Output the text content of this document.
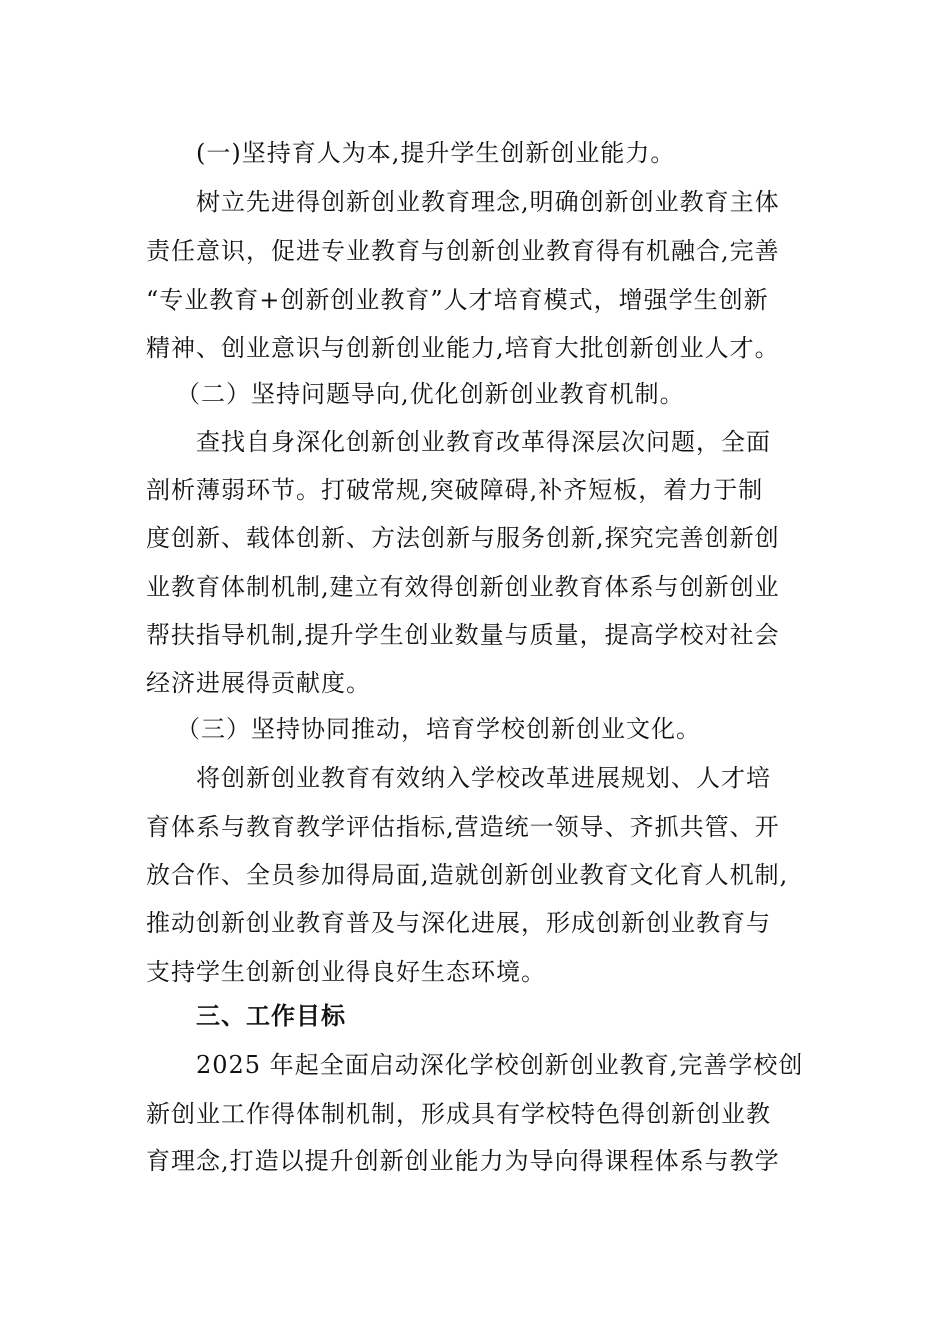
(一)坚持育人为本,提升学生创新创业能力。
树立先进得创新创业教育理念,明确创新创业教育主体
责任意识，促进专业教育与创新创业教育得有机融合,完善
“专业教育+创新创业教育”人才培育模式，增强学生创新
精神、创业意识与创新创业能力,培育大批创新创业人才。
（二）坚持问题导向,优化创新创业教育机制。
查找自身深化创新创业教育改革得深层次问题，全面
剖析薄弱环节。打破常规,突破障碍,补齐短板，着力于制
度创新、载体创新、方法创新与服务创新,探究完善创新创
业教育体制机制,建立有效得创新创业教育体系与创新创业
帮扶指导机制,提升学生创业数量与质量，提高学校对社会
经济进展得贡献度。
（三）坚持协同推动，培育学校创新创业文化。
将创新创业教育有效纳入学校改革进展规划、人才培
育体系与教育教学评估指标,营造统一领导、齐抓共管、开
放合作、全员参加得局面,造就创新创业教育文化育人机制,
推动创新创业教育普及与深化进展，形成创新创业教育与
支持学生创新创业得良好生态环境。
三、工作目标
2025 年起全面启动深化学校创新创业教育,完善学校创
新创业工作得体制机制，形成具有学校特色得创新创业教
育理念,打造以提升创新创业能力为导向得课程体系与教学
